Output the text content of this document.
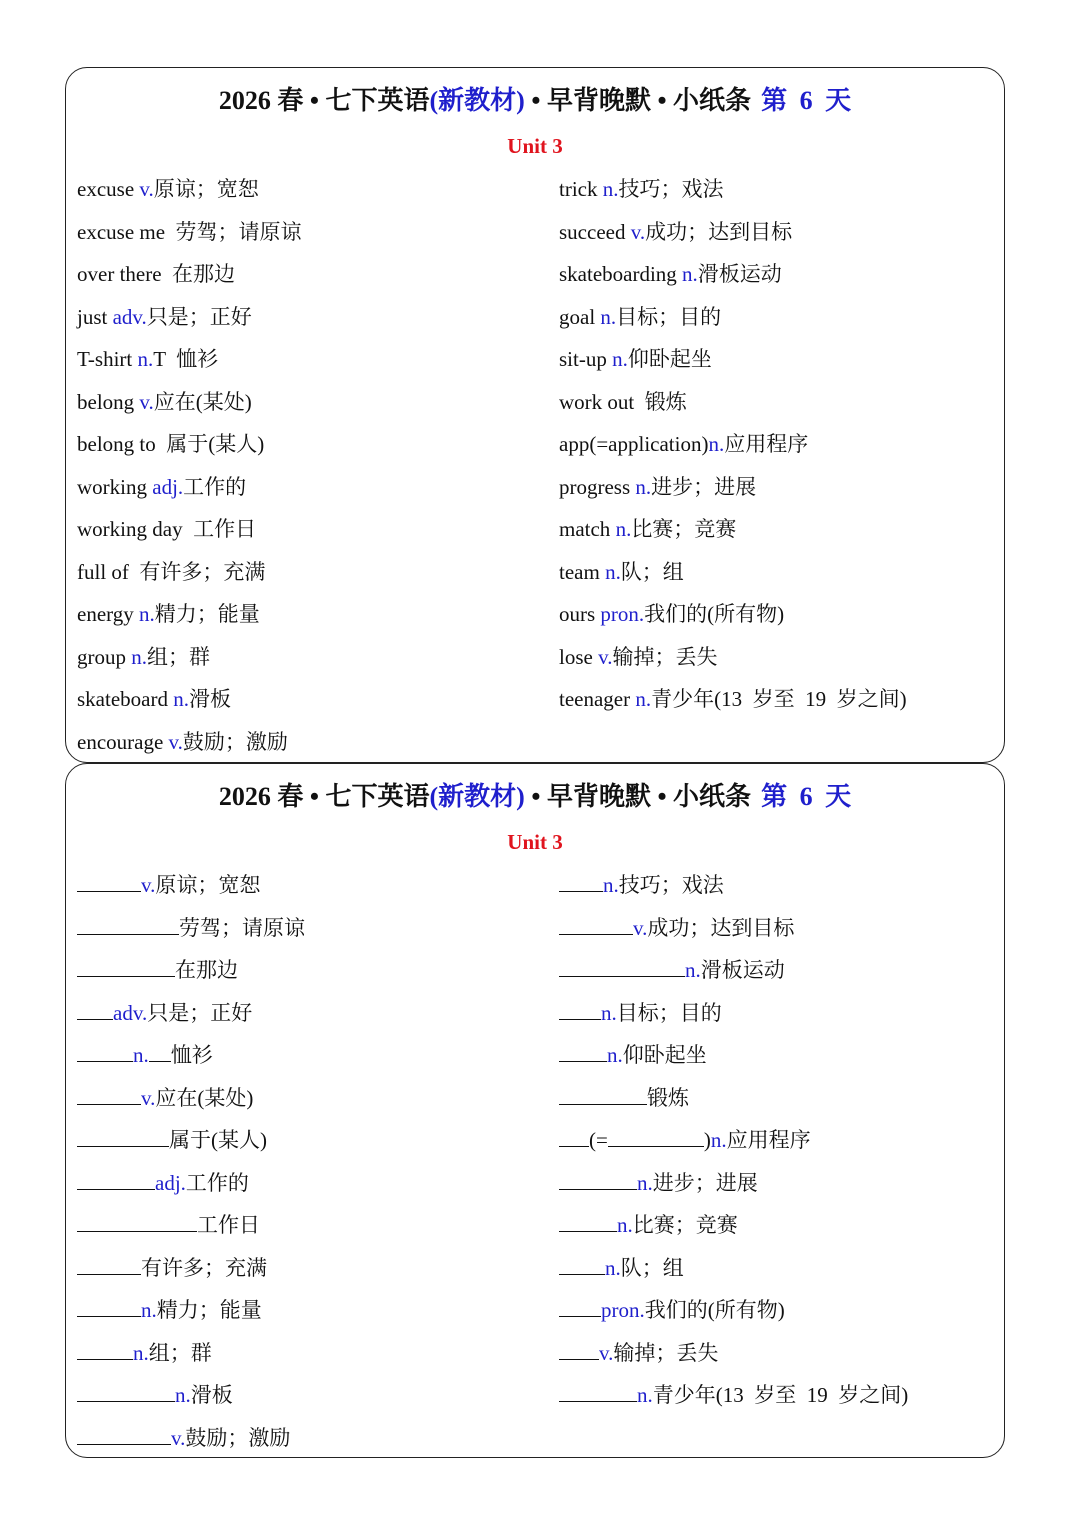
2026 春 • 七下英语(新教材) • 早背晚默 • 小纸条 第 6 天
Unit 3
excuse v.原谅；宽恕
excuse me 劳驾；请原谅
over there 在那边
just adv.只是；正好
T-shirt n.T  恤衫
belong v.应在(某处)
belong to 属于(某人)
working adj.工作的
working day 工作日
full of 有许多；充满
energy n.精力；能量
group n.组；群
skateboard n.滑板
encourage v.鼓励；激励
trick n.技巧；戏法
succeed v.成功；达到目标
skateboarding n.滑板运动
goal n.目标；目的
sit-up n.仰卧起坐
work out 锻炼
app(=application)n.应用程序
progress n.进步；进展
match n.比赛；竞赛
team n.队；组
ours pron.我们的(所有物)
lose v.输掉；丢失
teenager n.青少年(13  岁至  19  岁之间)
2026 春 • 七下英语(新教材) • 早背晚默 • 小纸条 第 6 天
Unit 3
v.原谅；宽恕
劳驾；请原谅
在那边
adv.只是；正好
n. 恤衫
v.应在(某处)
属于(某人)
adj.工作的
工作日
有许多；充满
n.精力；能量
n.组；群
n.滑板
v.鼓励；激励
n.技巧；戏法
v.成功；达到目标
n.滑板运动
n.目标；目的
n.仰卧起坐
锻炼
(=	)n.应用程序
n.进步；进展
n.比赛；竞赛
n.队；组
pron.我们的(所有物)
v.输掉；丢失
n.青少年(13  岁至  19  岁之间)
